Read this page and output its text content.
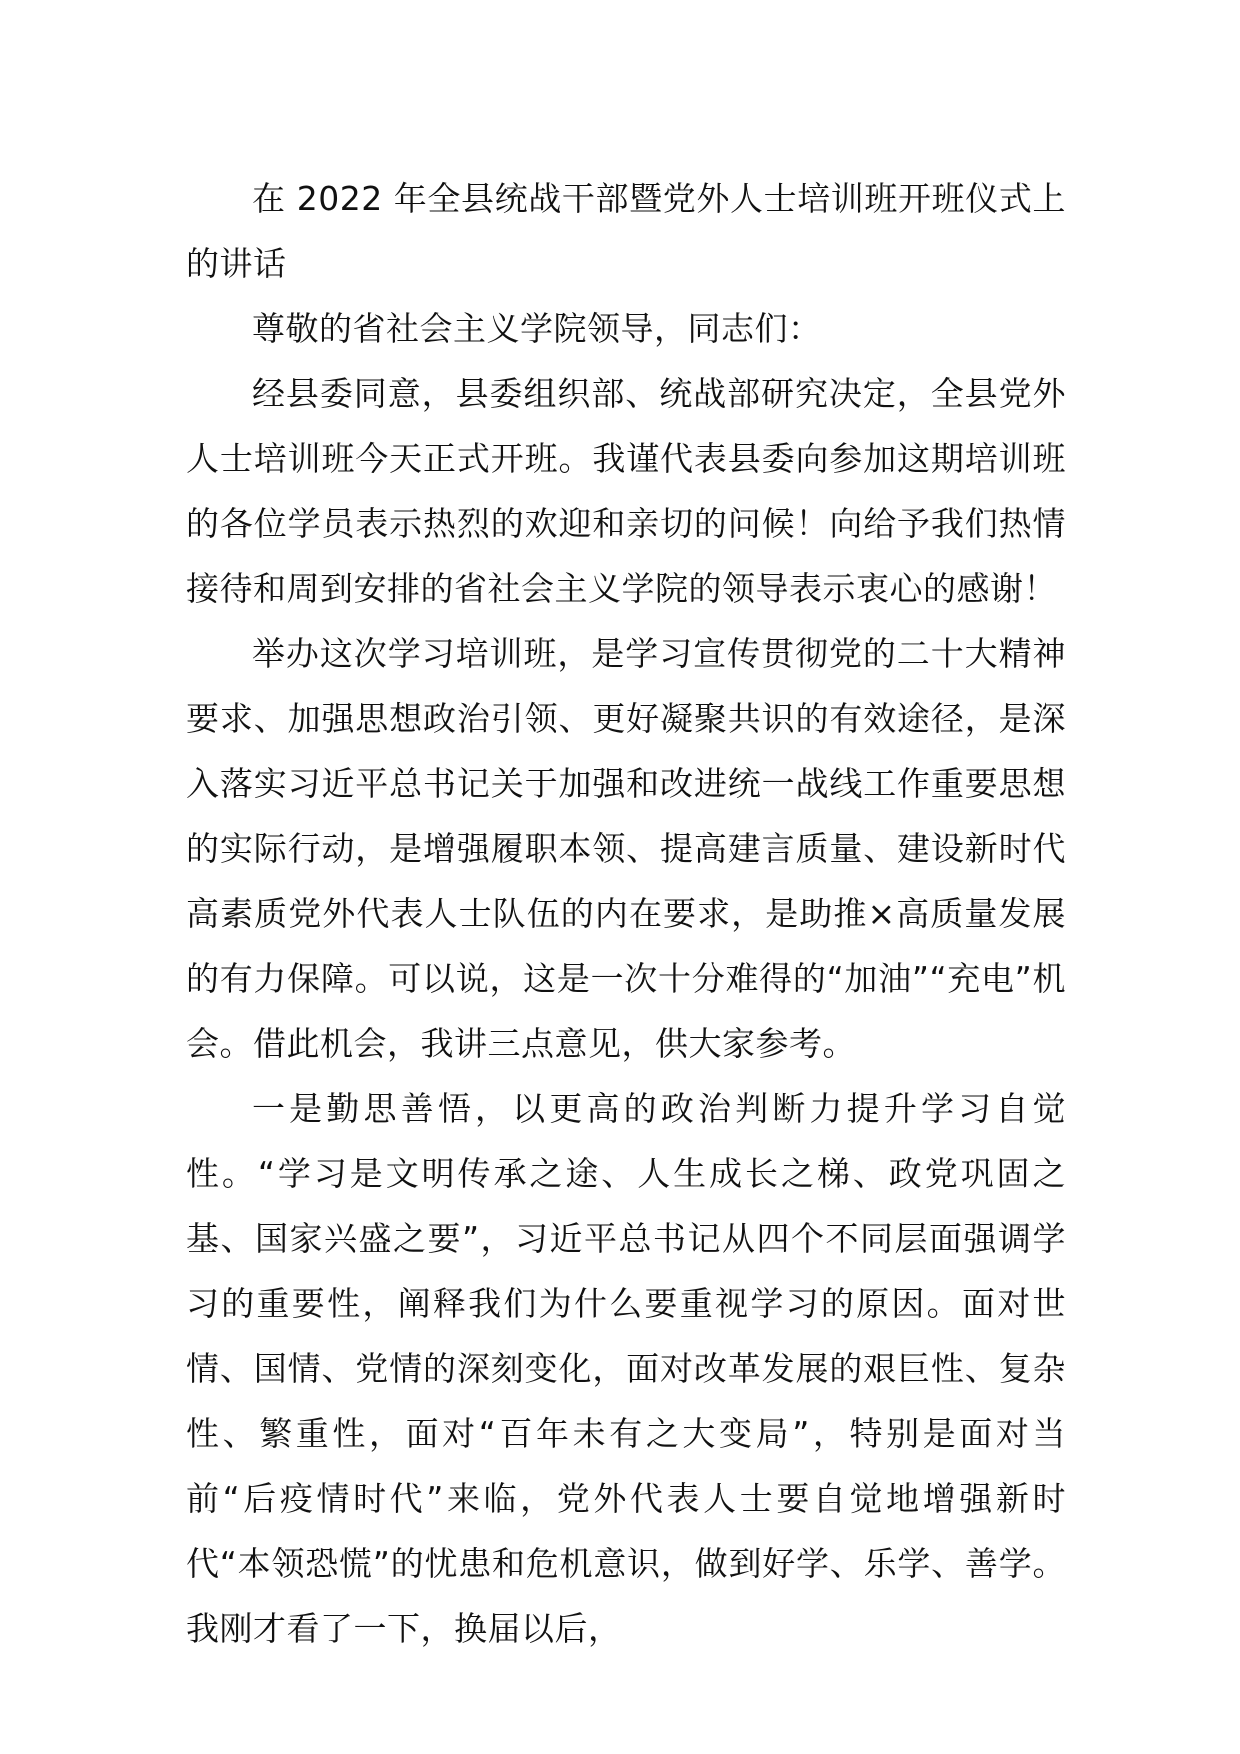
在 2022 年全县统战干部暨党外人士培训班开班仪式上的讲话

尊敬的省社会主义学院领导，同志们：

经县委同意，县委组织部、统战部研究决定，全县党外人士培训班今天正式开班。我谨代表县委向参加这期培训班的各位学员表示热烈的欢迎和亲切的问候！向给予我们热情接待和周到安排的省社会主义学院的领导表示衷心的感谢！

举办这次学习培训班，是学习宣传贯彻党的二十大精神要求、加强思想政治引领、更好凝聚共识的有效途径，是深入落实习近平总书记关于加强和改进统一战线工作重要思想的实际行动，是增强履职本领、提高建言质量、建设新时代高素质党外代表人士队伍的内在要求，是助推×高质量发展的有力保障。可以说，这是一次十分难得的“加油”“充电”机会。借此机会，我讲三点意见，供大家参考。

一是勤思善悟，以更高的政治判断力提升学习自觉性。“学习是文明传承之途、人生成长之梯、政党巩固之基、国家兴盛之要”，习近平总书记从四个不同层面强调学习的重要性，阐释我们为什么要重视学习的原因。面对世情、国情、党情的深刻变化，面对改革发展的艰巨性、复杂性、繁重性，面对“百年未有之大变局”，特别是面对当前“后疫情时代”来临，党外代表人士要自觉地增强新时代“本领恐慌”的忧患和危机意识，做到好学、乐学、善学。我刚才看了一下，换届以后，
